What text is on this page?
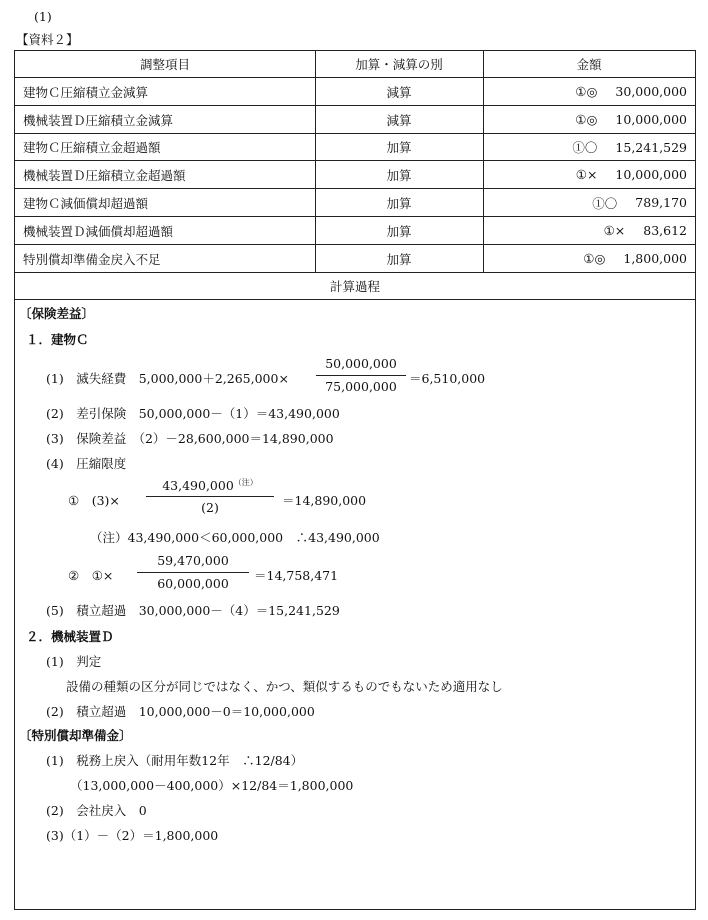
(1)
【資料２】
調整項目	加算・減算の別	金額
建物Ｃ圧縮積立金減算	減算	①◎ 30,000,000
機械装置Ｄ圧縮積立金減算	減算	①◎ 10,000,000
建物Ｃ圧縮積立金超過額	加算	①〇 15,241,529
機械装置Ｄ圧縮積立金超過額	加算	①× 10,000,000
建物Ｃ減価償却超過額	加算	①〇 789,170
機械装置Ｄ減価償却超過額	加算	①× 83,612
特別償却準備金戻入不足	加算	①◎ 1,800,000
計算過程
〔保険差益〕
１．建物Ｃ
(1)　滅失経費　$5,000,000+2,265,000\times \frac{50,000,000}{75,000,000} =6,510,000$
(2)　差引保険　50,000,000－（1）＝43,490,000
(3)　保険差益　（2）－28,600,000＝14,890,000
(4)　圧縮限度
①　(3)×
$43,490,000^{(注)}$
(2)	＝14,890,000
（注）43,490,000＜60,000,000　∴43,490,000
②　①× $\frac{59,470,000}{60,000,000} =14,758,471$
(5)　積立超過　30,000,000－（4）＝15,241,529
２．機械装置Ｄ
(1)　判定
設備の種類の区分が同じではなく、かつ、類似するものでもないため適用なし
(2)　積立超過　10,000,000－0＝10,000,000
〔特別償却準備金〕
(1)　税務上戻入（耐用年数12年　∴12/84）
（13,000,000－400,000）×12/84＝1,800,000
(2)　会社戻入　0
(3)（1）－（2）＝1,800,000
